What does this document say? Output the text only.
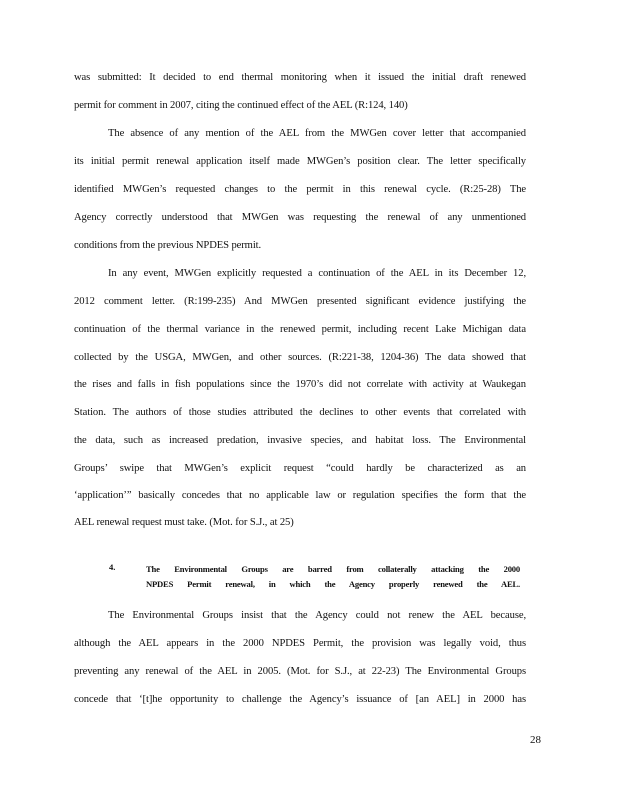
was submitted: It decided to end thermal monitoring when it issued the initial draft renewed
permit for comment in 2007, citing the continued effect of the AEL (R:124, 140)
The absence of any mention of the AEL from the MWGen cover letter that accompanied
its initial permit renewal application itself made MWGen’s position clear. The letter specifically
identified MWGen’s requested changes to the permit in this renewal cycle. (R:25-28) The
Agency correctly understood that MWGen was requesting the renewal of any unmentioned
conditions from the previous NPDES permit.
In any event, MWGen explicitly requested a continuation of the AEL in its December 12,
2012 comment letter. (R:199-235) And MWGen presented significant evidence justifying the
continuation of the thermal variance in the renewed permit, including recent Lake Michigan data
collected by the USGA, MWGen, and other sources. (R:221-38, 1204-36) The data showed that
the rises and falls in fish populations since the 1970’s did not correlate with activity at Waukegan
Station. The authors of those studies attributed the declines to other events that correlated with
the data, such as increased predation, invasive species, and habitat loss. The Environmental
Groups’ swipe that MWGen’s explicit request “could hardly be characterized as an
‘application’” basically concedes that no applicable law or regulation specifies the form that the
AEL renewal request must take. (Mot. for S.J., at 25)
4.	The Environmental Groups are barred from collaterally attacking the 2000
NPDES Permit renewal, in which the Agency properly renewed the AEL.
The Environmental Groups insist that the Agency could not renew the AEL because,
although the AEL appears in the 2000 NPDES Permit, the provision was legally void, thus
preventing any renewal of the AEL in 2005. (Mot. for S.J., at 22-23) The Environmental Groups
concede that ‘[t]he opportunity to challenge the Agency’s issuance of [an AEL] in 2000 has
28
